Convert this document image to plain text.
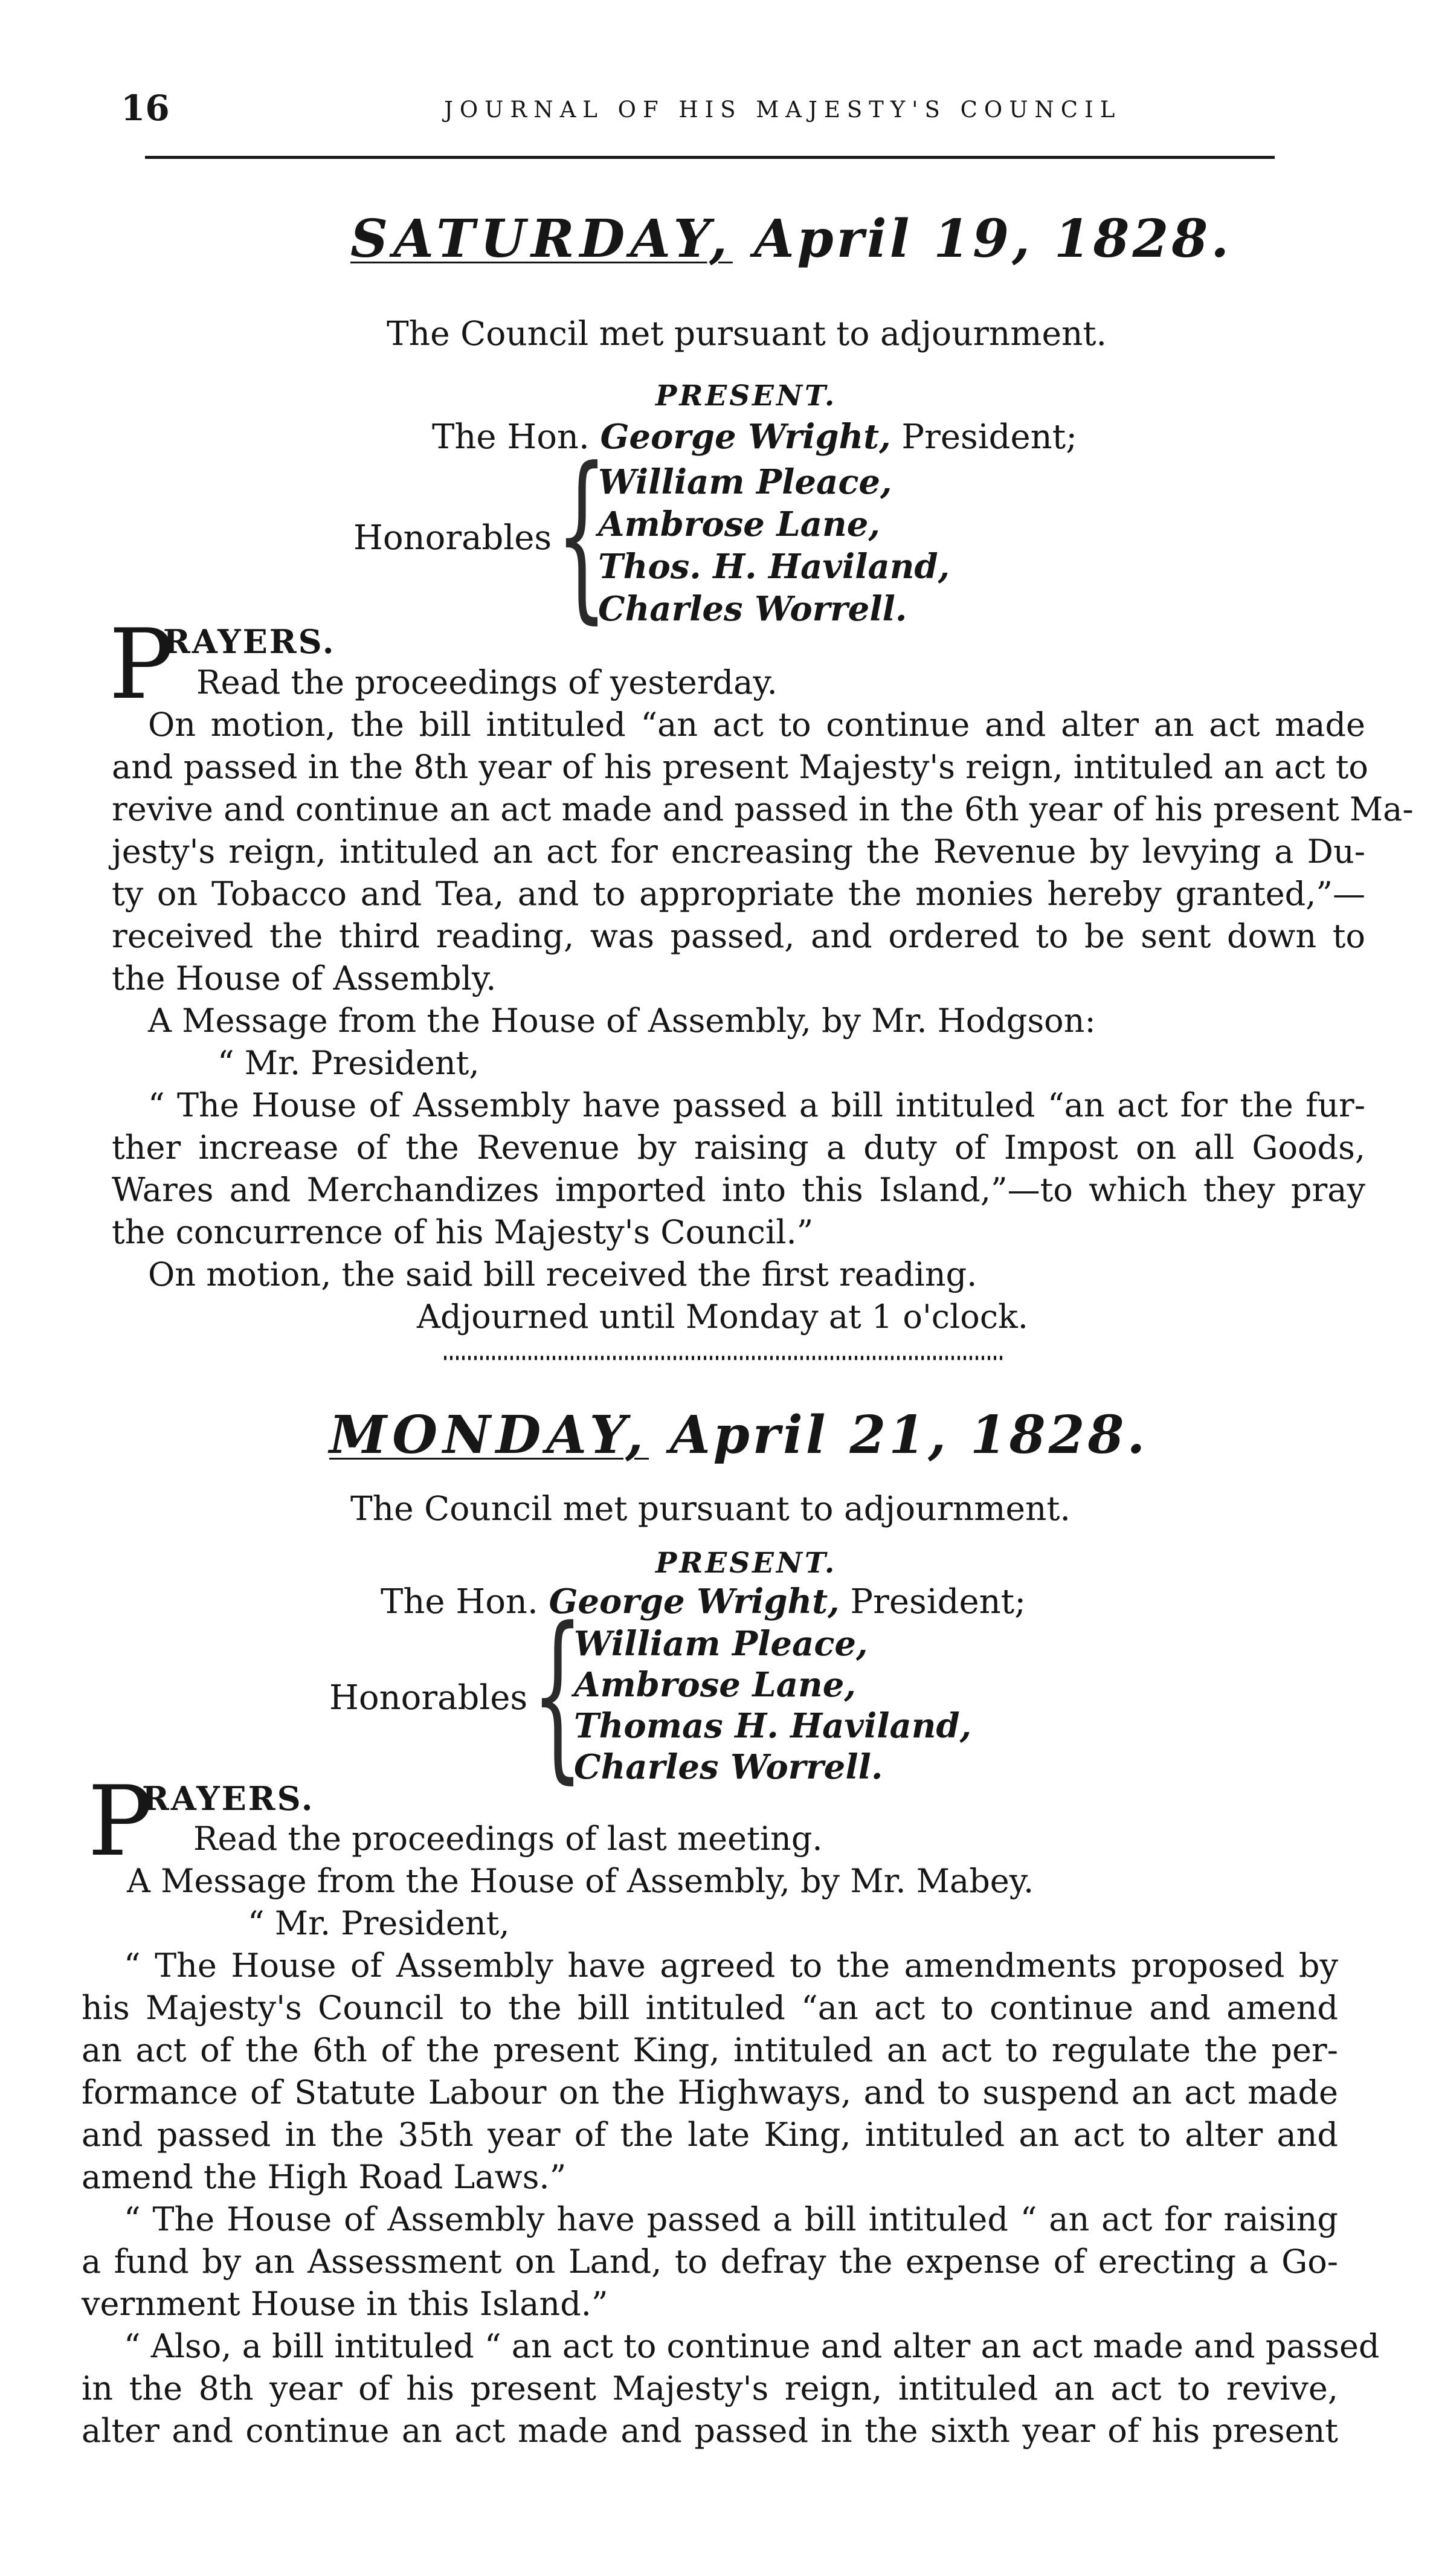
16	JOURNAL OF HIS MAJESTY'S COUNCIL
SATURDAY, April 19, 1828.
The Council met pursuant to adjournment.
PRESENT.
The Hon. George Wright, President;
Honorables {
William Pleace,
Ambrose Lane,
Thos. H. Haviland,
Charles Worrell.
P
RAYERS.
Read the proceedings of yesterday.
On motion, the bill intituled “an act to continue and alter an act made
and passed in the 8th year of his present Majesty's reign, intituled an act to
revive and continue an act made and passed in the 6th year of his present Ma-
jesty's reign, intituled an act for encreasing the Revenue by levying a Du-
ty on Tobacco and Tea, and to appropriate the monies hereby granted,”—
received the third reading, was passed, and ordered to be sent down to
the House of Assembly.
A Message from the House of Assembly, by Mr. Hodgson:
“ Mr. President,
“ The House of Assembly have passed a bill intituled “an act for the fur-
ther increase of the Revenue by raising a duty of Impost on all Goods,
Wares and Merchandizes imported into this Island,”—to which they pray
the concurrence of his Majesty's Council.”
On motion, the said bill received the first reading.
Adjourned until Monday at 1 o'clock.
MONDAY, April 21, 1828.
The Council met pursuant to adjournment.
PRESENT.
The Hon. George Wright, President;
Honorables {
William Pleace,
Ambrose Lane,
Thomas H. Haviland,
Charles Worrell.
P
RAYERS.
Read the proceedings of last meeting.
A Message from the House of Assembly, by Mr. Mabey.
“ Mr. President,
“ The House of Assembly have agreed to the amendments proposed by
his Majesty's Council to the bill intituled “an act to continue and amend
an act of the 6th of the present King, intituled an act to regulate the per-
formance of Statute Labour on the Highways, and to suspend an act made
and passed in the 35th year of the late King, intituled an act to alter and
amend the High Road Laws.”
“ The House of Assembly have passed a bill intituled “ an act for raising
a fund by an Assessment on Land, to defray the expense of erecting a Go-
vernment House in this Island.”
“ Also, a bill intituled “ an act to continue and alter an act made and passed
in the 8th year of his present Majesty's reign, intituled an act to revive,
alter and continue an act made and passed in the sixth year of his present
